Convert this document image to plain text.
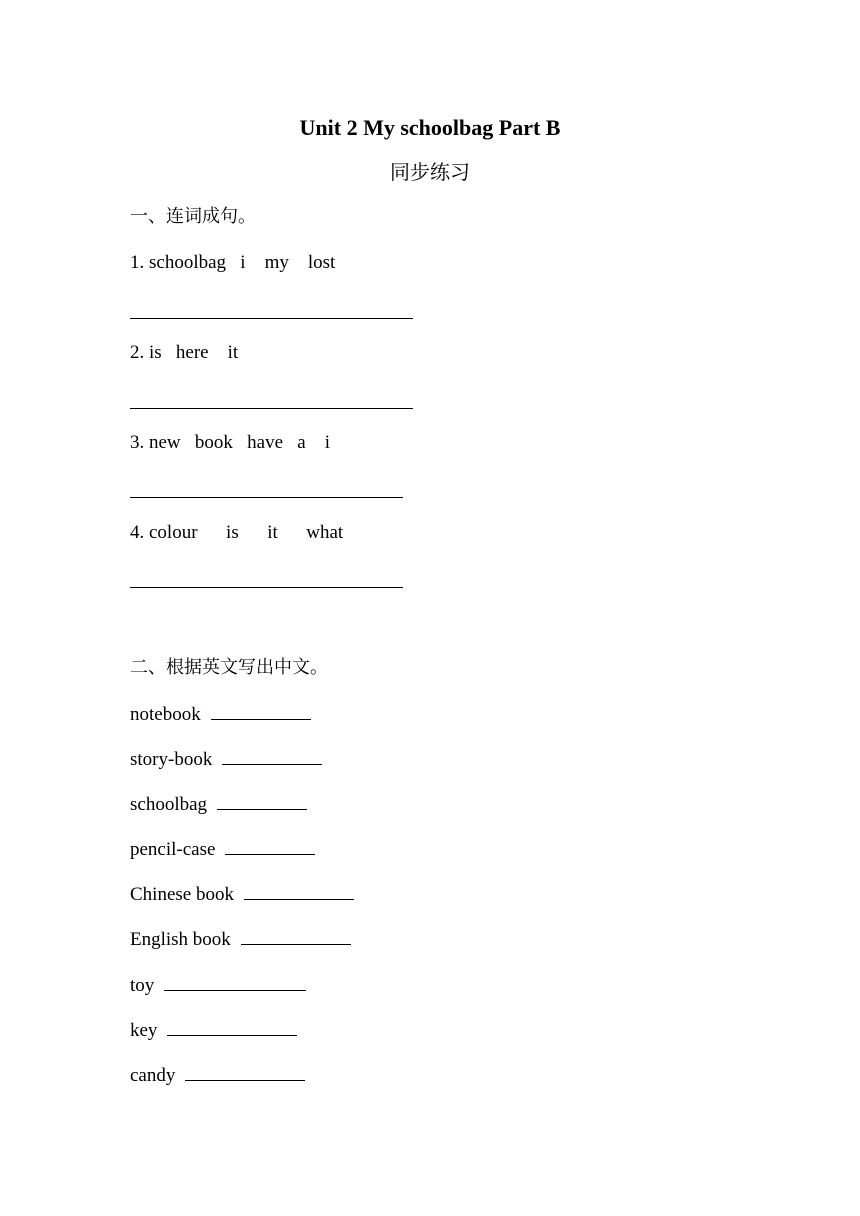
Unit 2 My schoolbag Part B
同步练习
一、连词成句。
1. schoolbag   i    my    lost
2. is   here    it
3. new   book   have   a    i
4. colour      is      it      what
二、根据英文写出中文。
notebook
story-book
schoolbag
pencil-case
Chinese book
English book
toy
key
candy
